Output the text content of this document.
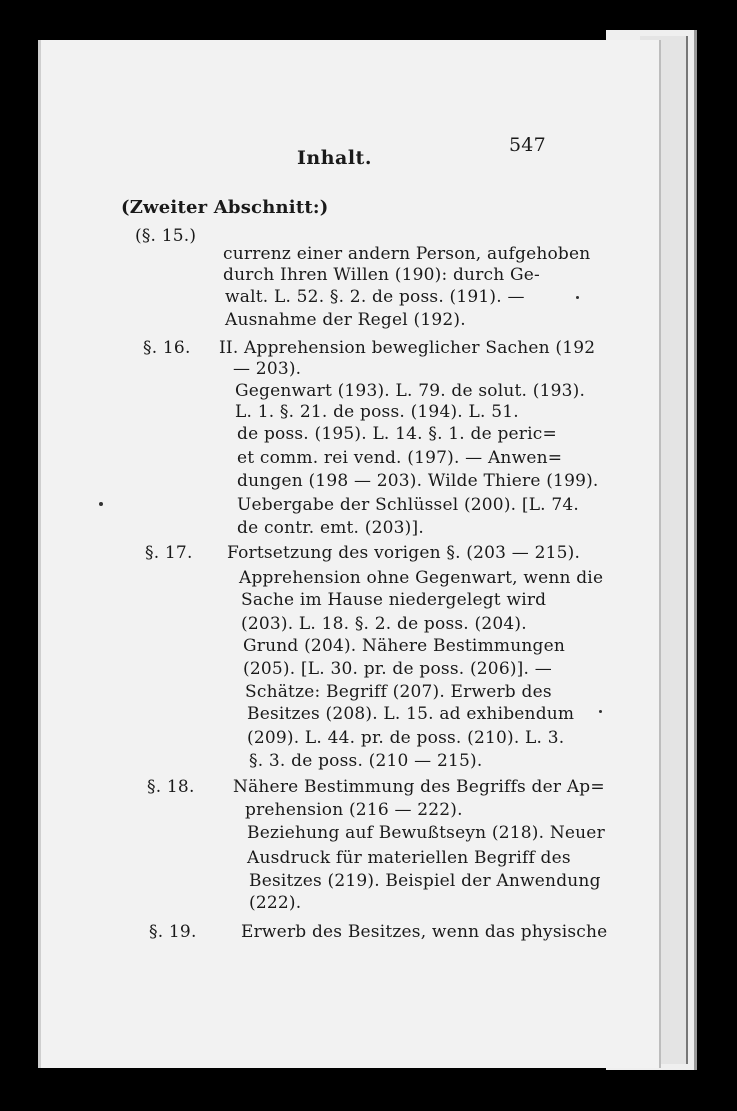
Inhalt.
547
(Zweiter Abschnitt:)
(§. 15.)
currenz einer andern Person, aufgehoben
durch Ihren Willen (190): durch Ge-
walt. L. 52. §. 2. de poss. (191). —
Ausnahme der Regel (192).
§. 16. II. Apprehension beweglicher Sachen (192
— 203).
Gegenwart (193). L. 79. de solut. (193).
L. 1. §. 21. de poss. (194). L. 51.
de poss. (195). L. 14. §. 1. de peric=
et comm. rei vend. (197). — Anwen=
dungen (198 — 203). Wilde Thiere (199).
Uebergabe der Schlüssel (200). [L. 74.
de contr. emt. (203)].
§. 17. Fortsetzung des vorigen §. (203 — 215).
Apprehension ohne Gegenwart, wenn die
Sache im Hause niedergelegt wird
(203). L. 18. §. 2. de poss. (204).
Grund (204). Nähere Bestimmungen
(205). [L. 30. pr. de poss. (206)]. —
Schätze: Begriff (207). Erwerb des
Besitzes (208). L. 15. ad exhibendum
(209). L. 44. pr. de poss. (210). L. 3.
§. 3. de poss. (210 — 215).
§. 18. Nähere Bestimmung des Begriffs der Ap=
prehension (216 — 222).
Beziehung auf Bewußtseyn (218). Neuer
Ausdruck für materiellen Begriff des
Besitzes (219). Beispiel der Anwendung
(222).
§. 19.	Erwerb des Besitzes, wenn das physische
